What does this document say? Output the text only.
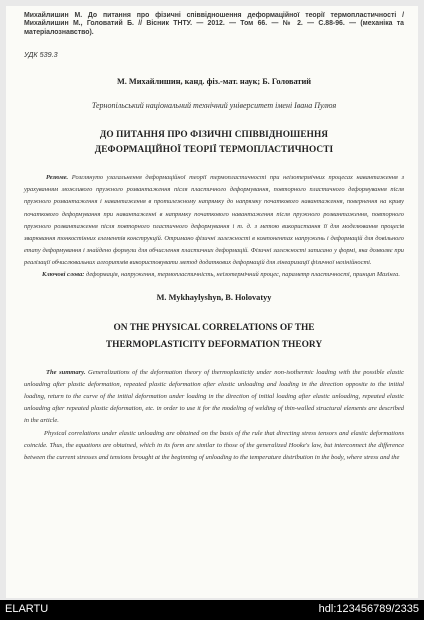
Михайлишин М. До питання про фізичні співвідношення деформаційної теорії термопластичності / Михайлишин М., Головатий Б. // Вісник ТНТУ. — 2012. — Том 66. — № 2. — С.88-96. — (механіка та матеріалознавство).
УДК 539.3
М. Михайлишин, канд. фіз.-мат. наук; Б. Головатий
Тернопільський національний технічний університет імені Івана Пулюя
ДО ПИТАННЯ ПРО ФІЗИЧНІ СПІВВІДНОШЕННЯ
ДЕФОРМАЦІЙНОЇ ТЕОРІЇ ТЕРМОПЛАСТИЧНОСТІ
Резюме. Розглянуто узагальнення деформаційної теорії термопластичності при неізотермічних процесах навантаження з урахуванням можливого пружного розвантаження після пластичного деформування, повторного пластичного деформування після пружного розвантаження і навантаження в протилежному напрямку до напрямку початкового навантаження, повернення на криву початкового деформування при навантаженні в напрямку початкового навантаження після пружного розвантаження, повторного пружного розвантаження після повторного пластичного деформування і т. д. з метою використання її для моделювання процесів зварювання тонкостінних елементів конструкцій. Отримано фізичні залежності в компонентах напружень і деформацій для довільного етапу деформування і знайдено формули для обчислення пластичних деформацій. Фізичні залежності записано у формі, яка дозволяє при реалізації обчислювальних алгоритмів використовувати метод додаткових деформацій для лінеаризації фізичної нелінійності.
Ключові слова: деформація, напруження, термопластичність, неізотермічний процес, параметр пластичності, принцип Мазінга.
M. Mykhaylyshyn, B. Holovatyy
ON THE PHYSICAL CORRELATIONS OF THE
THERMOPLASTICITY DEFORMATION THEORY
The summary. Generalizations of the deformation theory of thermoplasticity under non-isothermic loading with the possible elastic unloading after plastic deformation, repeated plastic deformation after elastic unloading and loading in the direction opposite to the initial loading, return to the curve of the initial deformation under loading in the direction of initial loading after elastic unloading, repeated elastic unloading after repeated plastic deformation, etc. in order to use it for the modeling of welding of thin-walled structural elements are described in the article.
Physical correlations under elastic unloading are obtained on the basis of the rule that directing stress tensors and elastic deformations coincide. Thus, the equations are obtained, which in its form are similar to those of the generalized Hooke's law, but interconnect the difference between the current stresses and tensions brought at the beginning of unloading to the temperature distribution in the body, where stress and the
ELARTU	hdl:123456789/2335
